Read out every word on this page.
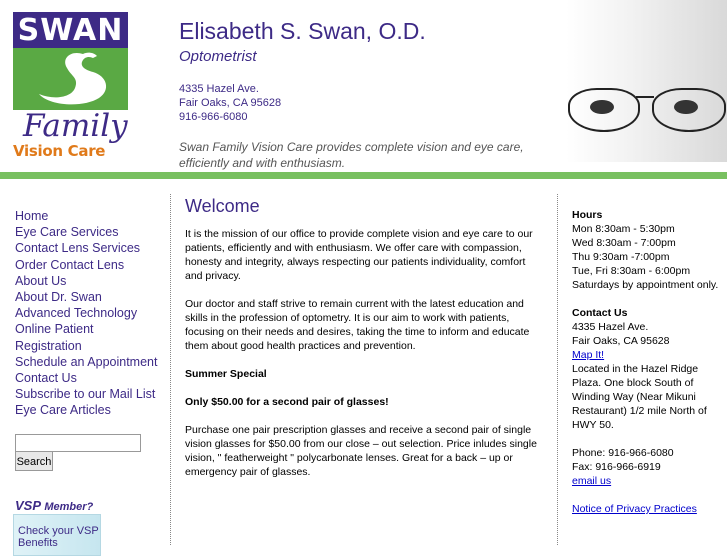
SWAN
Family
Vision Care
Elisabeth S. Swan, O.D.
Optometrist
4335 Hazel Ave.
Fair Oaks, CA 95628
916-966-6080
Swan Family Vision Care provides complete vision and eye care, efficiently and with enthusiasm.
Home
Eye Care Services
Contact Lens Services
Order Contact Lens
About Us
About Dr. Swan
Advanced Technology
Online Patient
Registration
Schedule an Appointment
Contact Us
Subscribe to our Mail List
Eye Care Articles
Search
VSP Member?
Check your VSP Benefits
Welcome

It is the mission of our office to provide complete vision and eye care to our patients, efficiently and with enthusiasm. We offer care with compassion, honesty and integrity, always respecting our patients individuality, comfort and privacy.

Our doctor and staff strive to remain current with the latest education and skills in the profession of optometry. It is our aim to work with patients, focusing on their needs and desires, taking the time to inform and educate them about good health practices and prevention.

Summer Special

Only $50.00 for a second pair of glasses!

Purchase one pair prescription glasses and receive a second pair of single vision glasses for $50.00 from our close – out selection. Price inludes single vision, " featherweight " polycarbonate lenses. Great for a back – up or emergency pair of glasses.

Hours
Mon 8:30am - 5:30pm
Wed 8:30am - 7:00pm
Thu 9:30am -7:00pm
Tue, Fri 8:30am - 6:00pm
Saturdays by appointment only.
Contact Us
4335 Hazel Ave.
Fair Oaks, CA 95628
Map It!
Located in the Hazel Ridge Plaza. One block South of Winding Way (Near Mikuni Restaurant) 1/2 mile North of HWY 50.
Phone: 916-966-6080
Fax: 916-966-6919
email us
Notice of Privacy Practices
